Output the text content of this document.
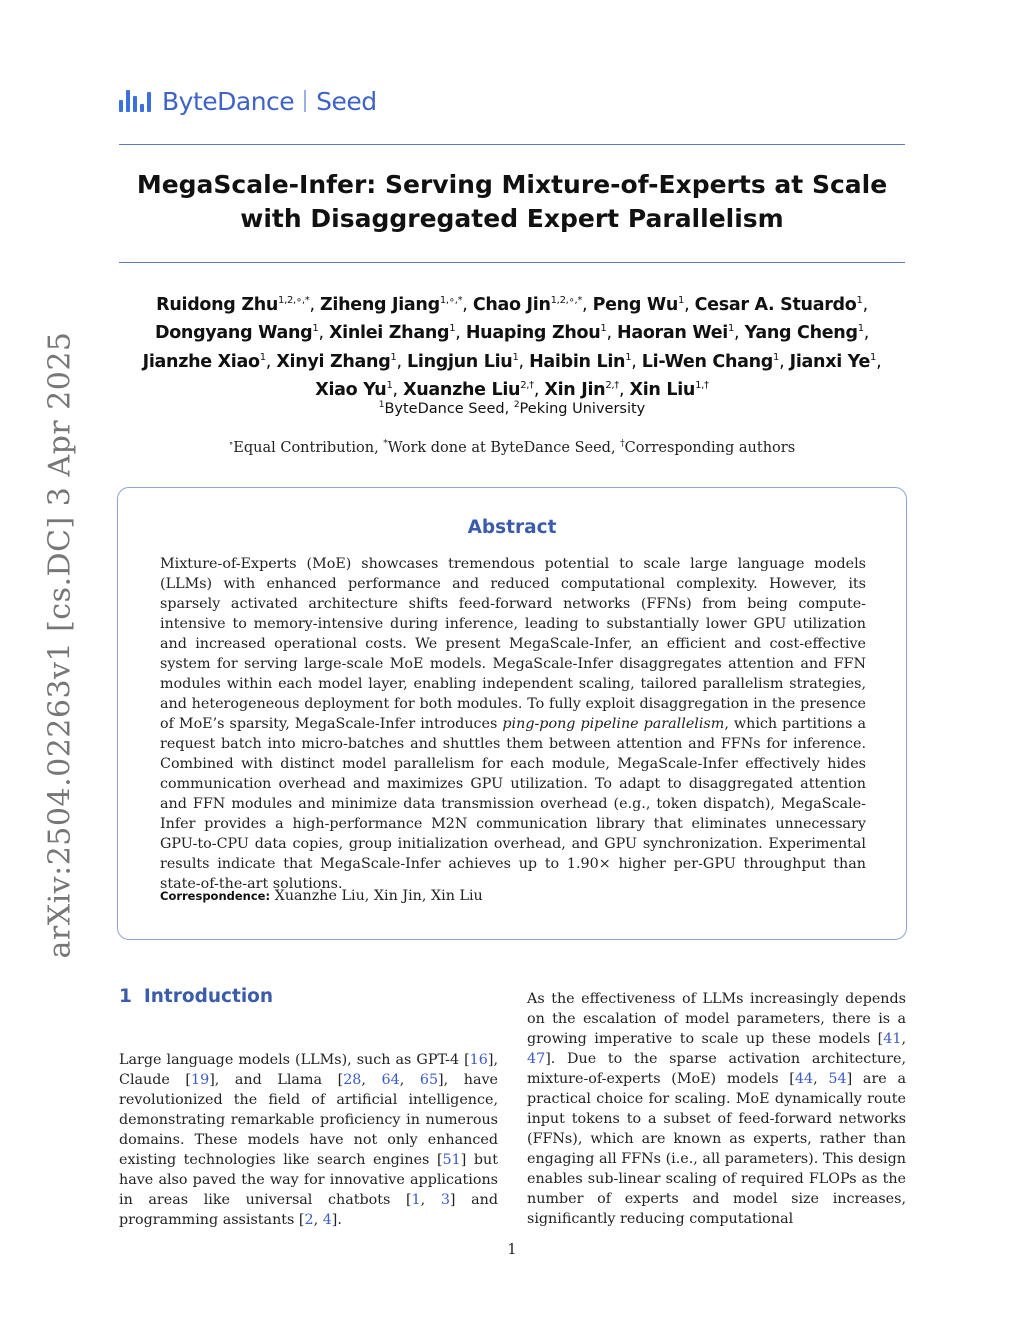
ByteDance Seed
MegaScale-Infer: Serving Mixture-of-Experts at Scale
with Disaggregated Expert Parallelism
Ruidong Zhu$^{1,2,\circ,*}$, Ziheng Jiang$^{1,\circ,*}$, Chao Jin$^{1,2,\circ,*}$, Peng Wu$^1$, Cesar A. Stuardo$^1$,
Dongyang Wang$^1$, Xinlei Zhang$^1$, Huaping Zhou$^1$, Haoran Wei$^1$, Yang Cheng$^1$,
Jianzhe Xiao$^1$, Xinyi Zhang$^1$, Lingjun Liu$^1$, Haibin Lin$^1$, Li-Wen Chang$^1$, Jianxi Ye$^1$,
Xiao Yu$^1$, Xuanzhe Liu$^{2,\dagger}$, Xin Jin$^{2,\dagger}$, Xin Liu$^{1,\dagger}$
$^1$ByteDance Seed, $^2$Peking University
∘Equal Contribution, *Work done at ByteDance Seed, †Corresponding authors
arXiv:2504.02263v1 [cs.DC] 3 Apr 2025	Abstract
Mixture-of-Experts (MoE) showcases tremendous potential to scale large language models (LLMs) with enhanced performance and reduced computational complexity. However, its sparsely activated architecture shifts feed-forward networks (FFNs) from being compute-intensive to memory-intensive during inference, leading to substantially lower GPU utilization and increased operational costs. We present MegaScale-Infer, an efficient and cost-effective system for serving large-scale MoE models. MegaScale-Infer disaggregates attention and FFN modules within each model layer, enabling independent scaling, tailored parallelism strategies, and heterogeneous deployment for both modules. To fully exploit disaggregation in the presence of MoE’s sparsity, MegaScale-Infer introduces ping-pong pipeline parallelism, which partitions a request batch into micro-batches and shuttles them between attention and FFNs for inference. Combined with distinct model parallelism for each module, MegaScale-Infer effectively hides communication overhead and maximizes GPU utilization. To adapt to disaggregated attention and FFN modules and minimize data transmission overhead (e.g., token dispatch), MegaScale-Infer provides a high-performance M2N communication library that eliminates unnecessary GPU-to-CPU data copies, group initialization overhead, and GPU synchronization. Experimental results indicate that MegaScale-Infer achieves up to 1.90× higher per-GPU throughput than state-of-the-art solutions.
Correspondence: Xuanzhe Liu, Xin Jin, Xin Liu
1 Introduction
Large language models (LLMs), such as GPT-4 [16], Claude [19], and Llama [28, 64, 65], have revolutionized the field of artificial intelligence, demonstrating remarkable proficiency in numerous domains. These models have not only enhanced existing technologies like search engines [51] but have also paved the way for innovative applications in areas like universal chatbots [1, 3] and programming assistants [2, 4].
As the effectiveness of LLMs increasingly depends on the escalation of model parameters, there is a growing imperative to scale up these models [41, 47]. Due to the sparse activation architecture, mixture-of-experts (MoE) models [44, 54] are a practical choice for scaling. MoE dynamically route input tokens to a subset of feed-forward networks (FFNs), which are known as experts, rather than engaging all FFNs (i.e., all parameters). This design enables sub-linear scaling of required FLOPs as the number of experts and model size increases, significantly reducing computational
1
